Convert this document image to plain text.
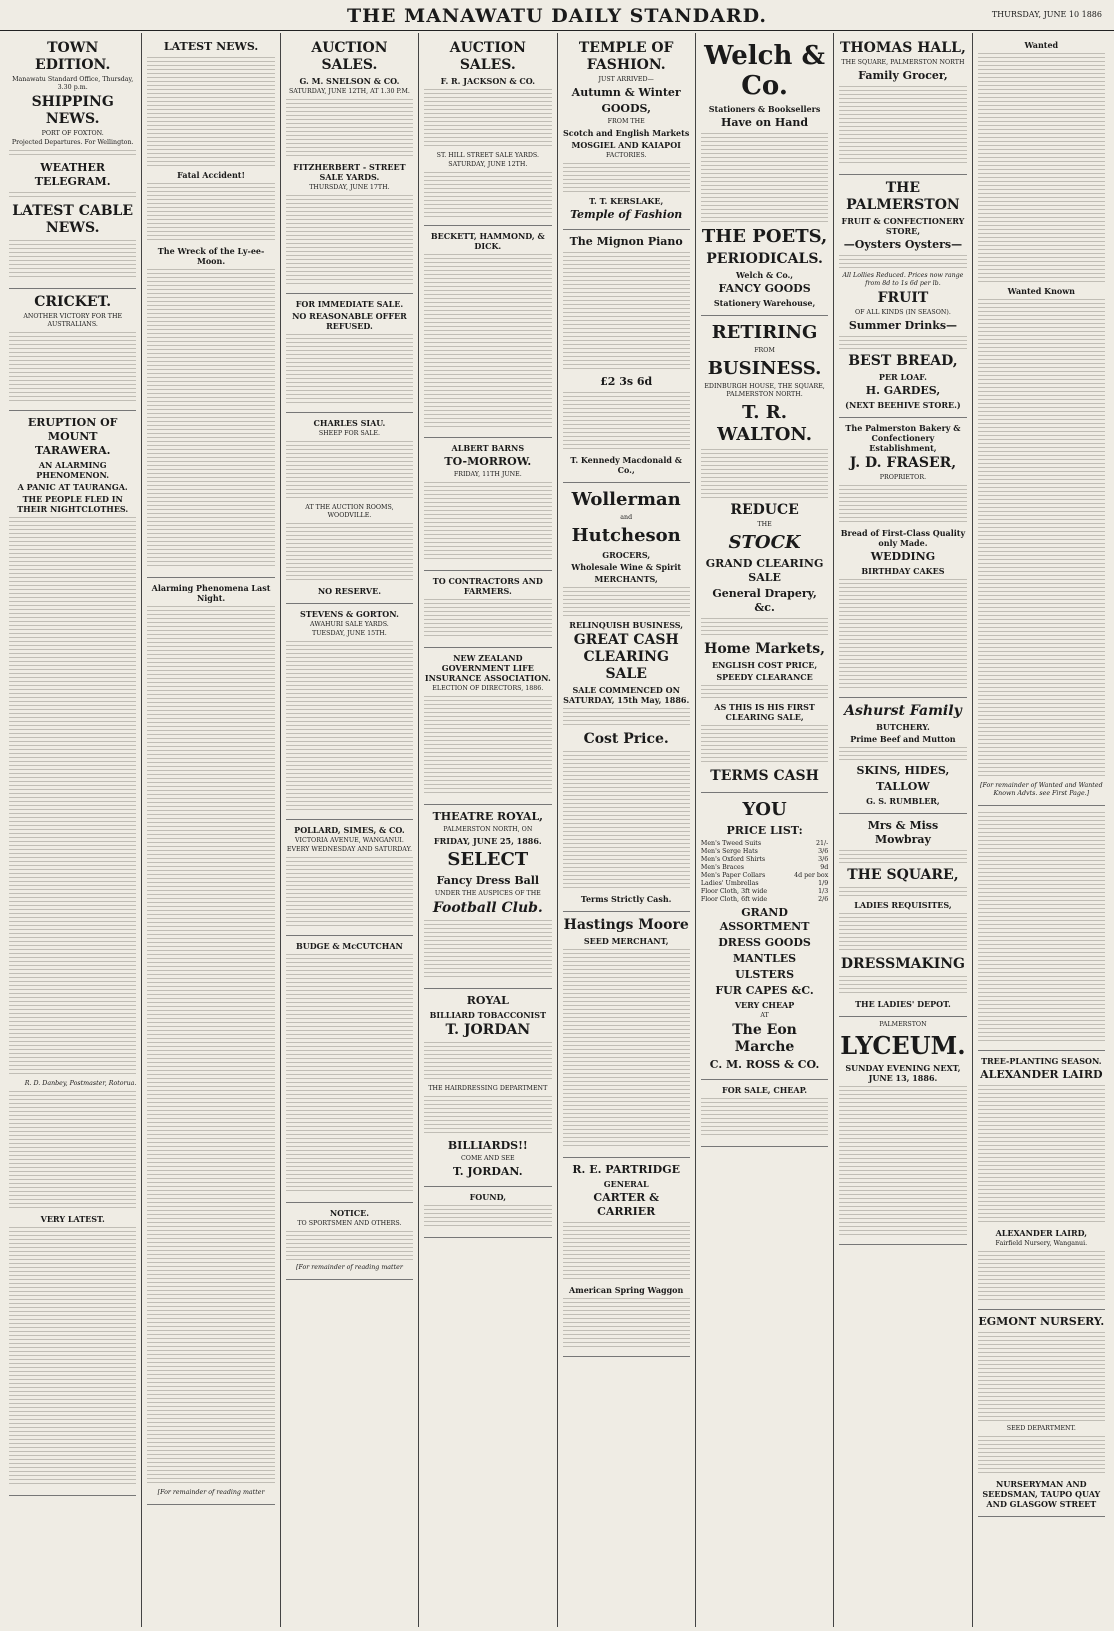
THE MANAWATU DAILY STANDARD.	THURSDAY, JUNE 10 1886
TOWN EDITION.
Manawatu Standard Office, Thursday, 3.30 p.m.
SHIPPING NEWS.
PORT OF FOXTON.
Projected Departures. For Wellington.
WEATHER TELEGRAM.
LATEST CABLE NEWS.
CRICKET.
ANOTHER VICTORY FOR THE AUSTRALIANS.
ERUPTION OF MOUNT TARAWERA.
AN ALARMING PHENOMENON.
A PANIC AT TAURANGA.
THE PEOPLE FLED IN THEIR NIGHTCLOTHES.
R. D. Danbey, Postmaster, Rotorua.
VERY LATEST.
LATEST NEWS.
Fatal Accident!
The Wreck of the Ly-ee-Moon.
Alarming Phenomena Last Night.
[For remainder of reading matter
AUCTION SALES.
G. M. SNELSON & CO.
SATURDAY, JUNE 12TH, AT 1.30 P.M.
FITZHERBERT - STREET SALE YARDS.
THURSDAY, JUNE 17TH.
FOR IMMEDIATE SALE.
NO REASONABLE OFFER REFUSED.
CHARLES SIAU.
SHEEP FOR SALE.
AT THE AUCTION ROOMS, WOODVILLE.
NO RESERVE.
STEVENS & GORTON.
AWAHURI SALE YARDS.
TUESDAY, JUNE 15TH.
POLLARD, SIMES, & CO.
VICTORIA AVENUE, WANGANUI.
EVERY WEDNESDAY AND SATURDAY.
BUDGE & McCUTCHAN
NOTICE.
TO SPORTSMEN AND OTHERS.
[For remainder of reading matter
AUCTION SALES.
F. R. JACKSON & CO.
ST. HILL STREET SALE YARDS.
SATURDAY, JUNE 12TH.
BECKETT, HAMMOND, & DICK.
ALBERT BARNS
TO-MORROW.
FRIDAY, 11TH JUNE.
TO CONTRACTORS AND FARMERS.
NEW ZEALAND GOVERNMENT LIFE INSURANCE ASSOCIATION.
ELECTION OF DIRECTORS, 1886.
THEATRE ROYAL,
PALMERSTON NORTH, ON
FRIDAY, JUNE 25, 1886.
SELECT
Fancy Dress Ball
UNDER THE AUSPICES OF THE
Football Club.
ROYAL
BILLIARD TOBACCONIST
T. JORDAN
THE HAIRDRESSING DEPARTMENT
BILLIARDS!!
COME AND SEE
T. JORDAN.
FOUND,
TEMPLE OF FASHION.
JUST ARRIVED—
Autumn & Winter
GOODS,
FROM THE
Scotch and English Markets
MOSGIEL AND KAIAPOI
FACTORIES.
T. T. KERSLAKE,
Temple of Fashion
The Mignon Piano
£2 3s 6d
T. Kennedy Macdonald & Co.,
Wollerman
and
Hutcheson
GROCERS,
Wholesale Wine & Spirit
MERCHANTS,
RELINQUISH BUSINESS,
GREAT CASH CLEARING SALE
SALE COMMENCED ON SATURDAY, 15th May, 1886.
Cost Price.
Terms Strictly Cash.
Hastings Moore
SEED MERCHANT,
R. E. PARTRIDGE
GENERAL
CARTER & CARRIER
American Spring Waggon
Welch & Co.
Stationers & Booksellers
Have on Hand
THE POETS,
PERIODICALS.
Welch & Co.,
FANCY GOODS
Stationery Warehouse,
RETIRING
FROM
BUSINESS.
EDINBURGH HOUSE, THE SQUARE, PALMERSTON NORTH.
T. R. WALTON.
REDUCE
THE
STOCK
GRAND CLEARING SALE
General Drapery, &c.
Home Markets,
ENGLISH COST PRICE,
SPEEDY CLEARANCE
AS THIS IS HIS FIRST CLEARING SALE,
TERMS CASH
YOU
PRICE LIST:
Men's Tweed Suits	21/-
Men's Serge Hats	3/6
Men's Oxford Shirts	3/6
Men's Braces	9d
Men's Paper Collars	4d per box
Ladies' Umbrellas	1/9
Floor Cloth, 3ft wide	1/3
Floor Cloth, 6ft wide	2/6
GRAND ASSORTMENT
DRESS GOODS
MANTLES
ULSTERS
FUR CAPES &C.
VERY CHEAP
AT
The Eon Marche
C. M. ROSS & CO.
FOR SALE, CHEAP.
THOMAS HALL,
THE SQUARE, PALMERSTON NORTH
Family Grocer,
THE PALMERSTON
FRUIT & CONFECTIONERY STORE,
—Oysters Oysters—
All Lollies Reduced. Prices now range from 8d to 1s 6d per lb.
FRUIT
OF ALL KINDS (IN SEASON).
Summer Drinks—
BEST BREAD,
PER LOAF.
H. GARDES,
(NEXT BEEHIVE STORE.)
The Palmerston Bakery & Confectionery Establishment,
J. D. FRASER,
PROPRIETOR.
Bread of First-Class Quality only Made.
WEDDING
BIRTHDAY CAKES
Ashurst Family
BUTCHERY.
Prime Beef and Mutton
SKINS, HIDES,
TALLOW
G. S. RUMBLER,
Mrs & Miss Mowbray
THE SQUARE,
LADIES REQUISITES,
DRESSMAKING
THE LADIES' DEPOT.
PALMERSTON
LYCEUM.
SUNDAY EVENING NEXT, JUNE 13, 1886.
Wanted
Wanted Known
[For remainder of Wanted and Wanted Known Advts. see First Page.]
TREE-PLANTING SEASON.
ALEXANDER LAIRD
ALEXANDER LAIRD,
Fairfield Nursery, Wanganui.
EGMONT NURSERY.
SEED DEPARTMENT.
NURSERYMAN AND SEEDSMAN, TAUPO QUAY AND GLASGOW STREET
